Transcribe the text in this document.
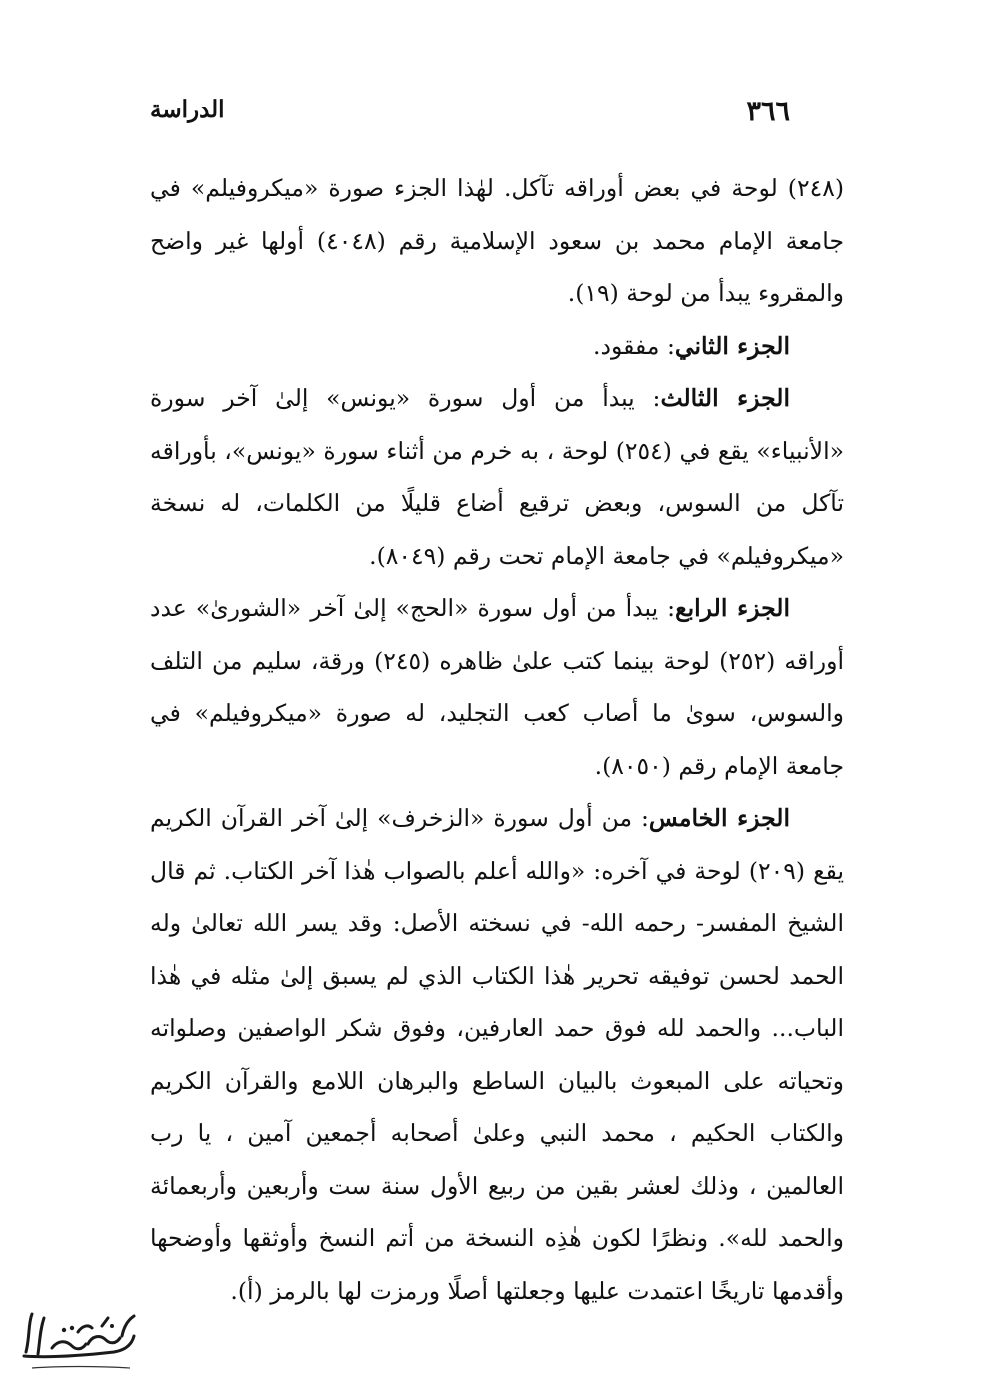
٣٦٦
الدراسة

(٢٤٨) لوحة في بعض أوراقه تآكل. لهٰذا الجزء صورة «ميكروفيلم» في جامعة الإمام محمد بن سعود الإسلامية رقم (٤٠٤٨) أولها غير واضح والمقروء يبدأ من لوحة (١٩).

الجزء الثاني: مفقود.

الجزء الثالث: يبدأ من أول سورة «يونس» إلىٰ آخر سورة «الأنبياء» يقع في (٢٥٤) لوحة ، به خرم من أثناء سورة «يونس»، بأوراقه تآكل من السوس، وبعض ترقيع أضاع قليلًا من الكلمات، له نسخة «ميكروفيلم» في جامعة الإمام تحت رقم (٨٠٤٩).

الجزء الرابع: يبدأ من أول سورة «الحج» إلىٰ آخر «الشورىٰ» عدد أوراقه (٢٥٢) لوحة بينما كتب علىٰ ظاهره (٢٤٥) ورقة، سليم من التلف والسوس، سوىٰ ما أصاب كعب التجليد، له صورة «ميكروفيلم» في جامعة الإمام رقم (٨٠٥٠).

الجزء الخامس: من أول سورة «الزخرف» إلىٰ آخر القرآن الكريم يقع (٢٠٩) لوحة في آخره: «والله أعلم بالصواب هٰذا آخر الكتاب. ثم قال الشيخ المفسر- رحمه الله- في نسخته الأصل: وقد يسر الله تعالىٰ وله الحمد لحسن توفيقه تحرير هٰذا الكتاب الذي لم يسبق إلىٰ مثله في هٰذا الباب... والحمد لله فوق حمد العارفين، وفوق شكر الواصفين وصلواته وتحياته على المبعوث بالبيان الساطع والبرهان اللامع والقرآن الكريم والكتاب الحكيم ، محمد النبي وعلىٰ أصحابه أجمعين آمين ، يا رب العالمين ، وذلك لعشر بقين من ربيع الأول سنة ست وأربعين وأربعمائة والحمد لله». ونظرًا لكون هٰذِه النسخة من أتم النسخ وأوثقها وأوضحها وأقدمها تاريخًا اعتمدت عليها وجعلتها أصلًا ورمزت لها بالرمز (أ).
